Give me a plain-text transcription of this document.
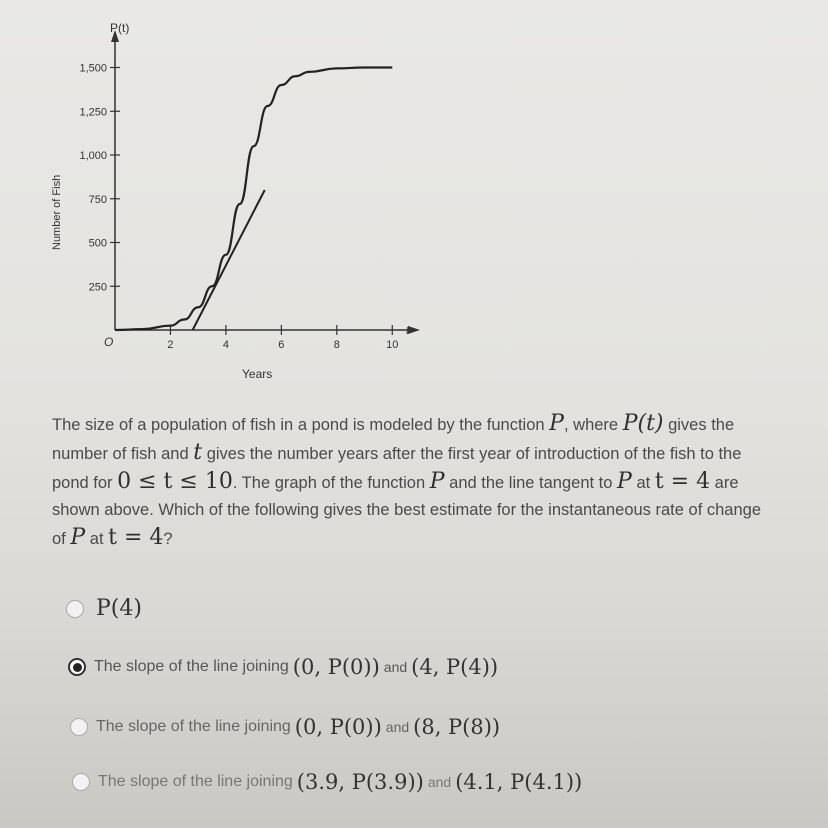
250
500
750
1,000
1,250
1,500
2	4	6	8	10
P(t)
Number of Fish
Years
t
O
The size of a population of fish in a pond is modeled by the function P, where P(t) gives the number of fish and t gives the number years after the first year of introduction of the fish to the pond for 0 ≤ t ≤ 10. The graph of the function P and the line tangent to P at t = 4 are shown above. Which of the following gives the best estimate for the instantaneous rate of change of P at t = 4?
P(4)
The slope of the line joining (0, P(0)) and (4, P(4))
The slope of the line joining (0, P(0)) and (8, P(8))
The slope of the line joining (3.9, P(3.9)) and (4.1, P(4.1))
